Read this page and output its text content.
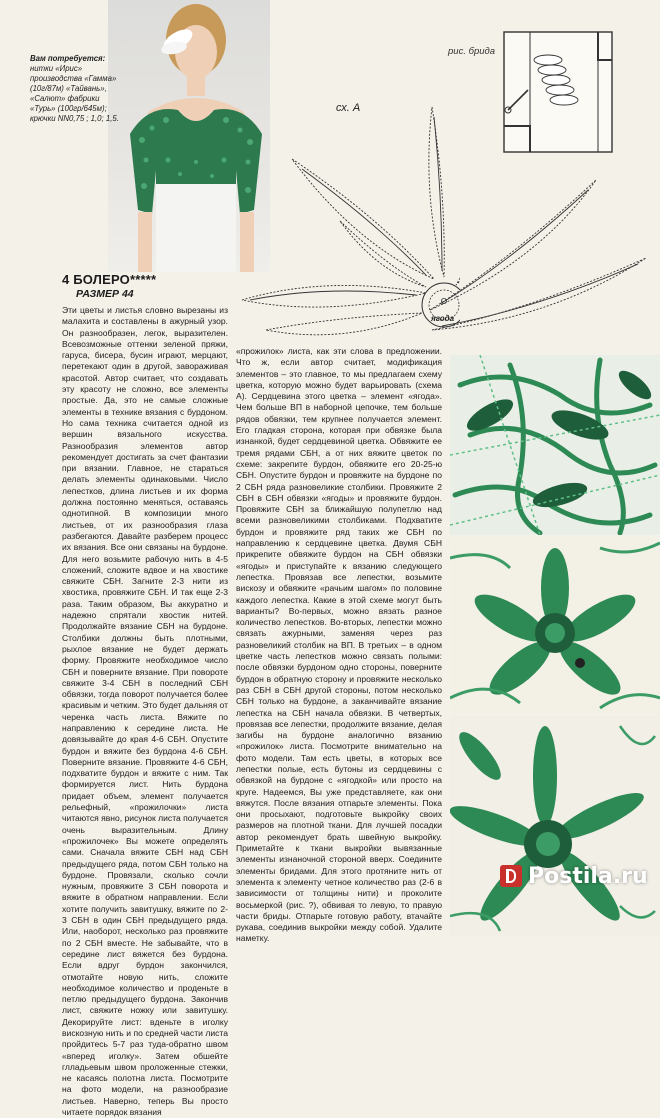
Вам потребуется: нитки «Ирис» производства «Гамма» (10г/87м) «Тайвань», «Салют» фабрики «Турь» (100гр/645м); крючки NN0,75 ; 1,0; 1,5.
сх. А
рис. брида
ягода
4 БОЛЕРО*****
РАЗМЕР 44
Эти цветы и листья словно вырезаны из малахита и составлены в ажурный узор. Он разнообразен, легок, выразителен. Всевозможные оттенки зеленой пряжи, гаруса, бисера, бусин играют, мерцают, перетекают один в другой, завораживая красотой. Автор считает, что создавать эту красоту не сложно, все элементы простые. Да, это не самые сложные элементы в технике вязания с бурдоном. Но сама техника считается одной из вершин вязального искусства. Разнообразия элементов автор рекомендует достигать за счет фантазии при вязании. Главное, не стараться делать элементы одинаковыми. Число лепестков, длина листьев и их форма должна постоянно меняться, оставаясь однотипной. В композиции много листьев, от их разнообразия глаза разбегаются. Давайте разберем процесс их вязания. Все они связаны на бурдоне. Для него возьмите рабочую нить в 4-5 сложений, сложите вдвое и на хвостике свяжите СБН. Загните 2-3 нити из хвостика, провяжите СБН. И так еще 2-3 раза. Таким образом, Вы аккуратно и надежно спрятали хвостик нитей. Продолжайте вязание СБН на бурдоне. Столбики должны быть плотными, рыхлое вязание не будет держать форму. Провяжите необходимое число СБН и поверните вязание. При повороте свяжите 3-4 СБН в последний СБН обвязки, тогда поворот получается более красивым и четким. Это будет дальняя от черенка часть листа. Вяжите по направлению к середине листа. Не довязывайте до края 4-6 СБН. Опустите бурдон и вяжите без бурдона 4-6 СБН. Поверните вязание. Провяжите 4-6 СБН, подхватите бурдон и вяжите с ним. Так формируется лист. Нить бурдона придает объем, элемент получается рельефный, «прожилочки» листа читаются явно, рисунок листа получается очень выразительным. Длину «прожилочек» Вы можете определять сами. Сначала вяжите СБН над СБН предыдущего ряда, потом СБН только на бурдоне. Провязали, сколько сочли нужным, провяжите 3 СБН поворота и вяжите в обратном направлении. Если хотите получить завитушку, вяжите по 2-3 СБН в один СБН предыдущего ряда. Или, наоборот, несколько раз провяжите по 2 СБН вместе. Не забывайте, что в середине лист вяжется без бурдона. Если вдруг бурдон закончился, отмотайте новую нить, сложите необходимое количество и проденьте в петлю предыдущего бурдона. Закончив лист, свяжите ножку или завитушку. Декорируйте лист: вденьте в иголку вискозную нить и по средней части листа пройдитесь 5-7 раз туда-обратно швом «вперед иголку». Затем обшейте глладьевым швом проложенные стежки, не касаясь полотна листа. Посмотрите на фото модели, на разнообразие листьев. Наверно, теперь Вы просто читаете порядок вязания
«прожилок» листа, как эти слова в предложении. Что ж, если автор считает, модификация элементов – это главное, то мы предлагаем схему цветка, которую можно будет варьировать (схема А). Сердцевина этого цветка – элемент «ягода». Чем больше ВП в наборной цепочке, тем больше рядов обвязки, тем крупнее получается элемент. Его гладкая сторона, которая при обвязке была изнанкой, будет сердцевиной цветка. Обвяжите ее тремя рядами СБН, а от них вяжите цветок по схеме: закрепите бурдон, обвяжите его 20-25-ю СБН. Опустите бурдон и провяжите на бурдоне по 2 СБН ряда разновеликие столбики. Провяжите 2 СБН в СБН обвязки «ягоды» и провяжите бурдон. Провяжите СБН за ближайшую полупетлю над всеми разновеликими столбиками. Подхватите бурдон и провяжите ряд таких же СБН по направлению к сердцевине цветка. Двумя СБН прикрепите обвяжите бурдон на СБН обвязки «ягоды» и приступайте к вязанию следующего лепестка. Провязав все лепестки, возьмите вискозу и обвяжите «рачьим шагом» по половине каждого лепестка. Какие в этой схеме могут быть варианты? Во-первых, можно вязать разное количество лепестков. Во-вторых, лепестки можно связать ажурными, заменяя через раз разновеликий столбик на ВП. В третьих – в одном цветке часть лепестков можно связать полыми: после обвязки бурдоном одно стороны, поверните бурдон в обратную сторону и провяжите несколько раз СБН в СБН другой стороны, потом несколько СБН только на бурдоне, а заканчивайте вязание лепестка на СБН начала обвязки. В четвертых, провязав все лепестки, продолжите вязание, делая загибы на бурдоне аналогично вязанию «прожилок» листа. Посмотрите внимательно на фото модели. Там есть цветы, в которых все лепестки полые, есть бутоны из сердцевины с обвязкой на бурдоне с «ягодкой» или просто на круге. Надеемся, Вы уже представляете, как они вяжутся. После вязания отпарьте элементы. Пока они просыхают, подготовьте выкройку своих размеров на плотной ткани. Для лучшей посадки автор рекомендует брать швейную выкройку. Приметайте к ткани выкройки вывязанные элементы изнаночной стороной вверх. Соедините элементы бридами. Для этого протяните нить от элемента к элементу четное количество раз (2-6 в зависимости от толщины нити) и проколите восьмеркой (рис. ?), обвивая то левую, то правую части бриды. Отпарьте готовую работу, втачайте рукава, соединив выкройки между собой. Удалите наметку.
Postila.ru
